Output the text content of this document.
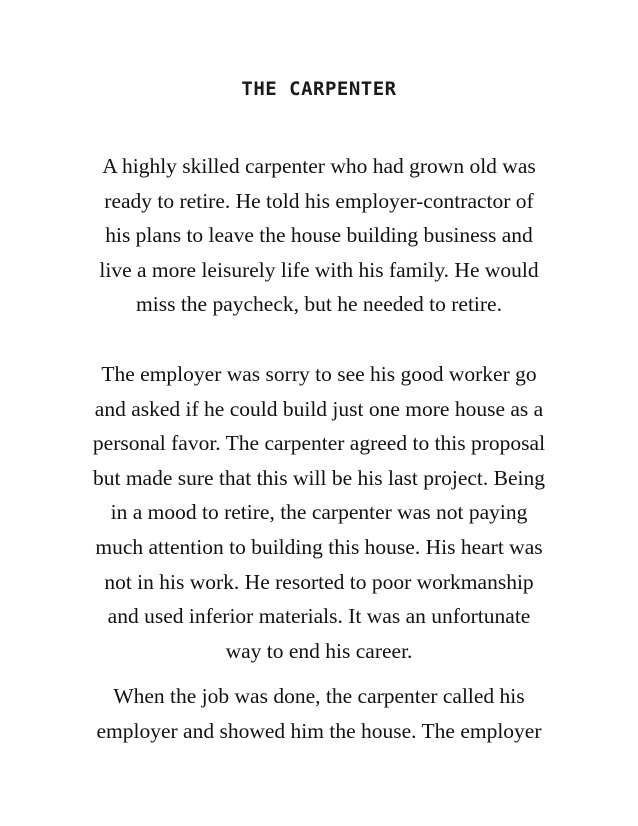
THE CARPENTER

A highly skilled carpenter who had grown old was
ready to retire. He told his employer-contractor of
his plans to leave the house building business and
live a more leisurely life with his family. He would
miss the paycheck, but he needed to retire.

The employer was sorry to see his good worker go
and asked if he could build just one more house as a
personal favor. The carpenter agreed to this proposal
but made sure that this will be his last project. Being
in a mood to retire, the carpenter was not paying
much attention to building this house. His heart was
not in his work. He resorted to poor workmanship
and used inferior materials. It was an unfortunate
way to end his career.

When the job was done, the carpenter called his
employer and showed him the house. The employer
